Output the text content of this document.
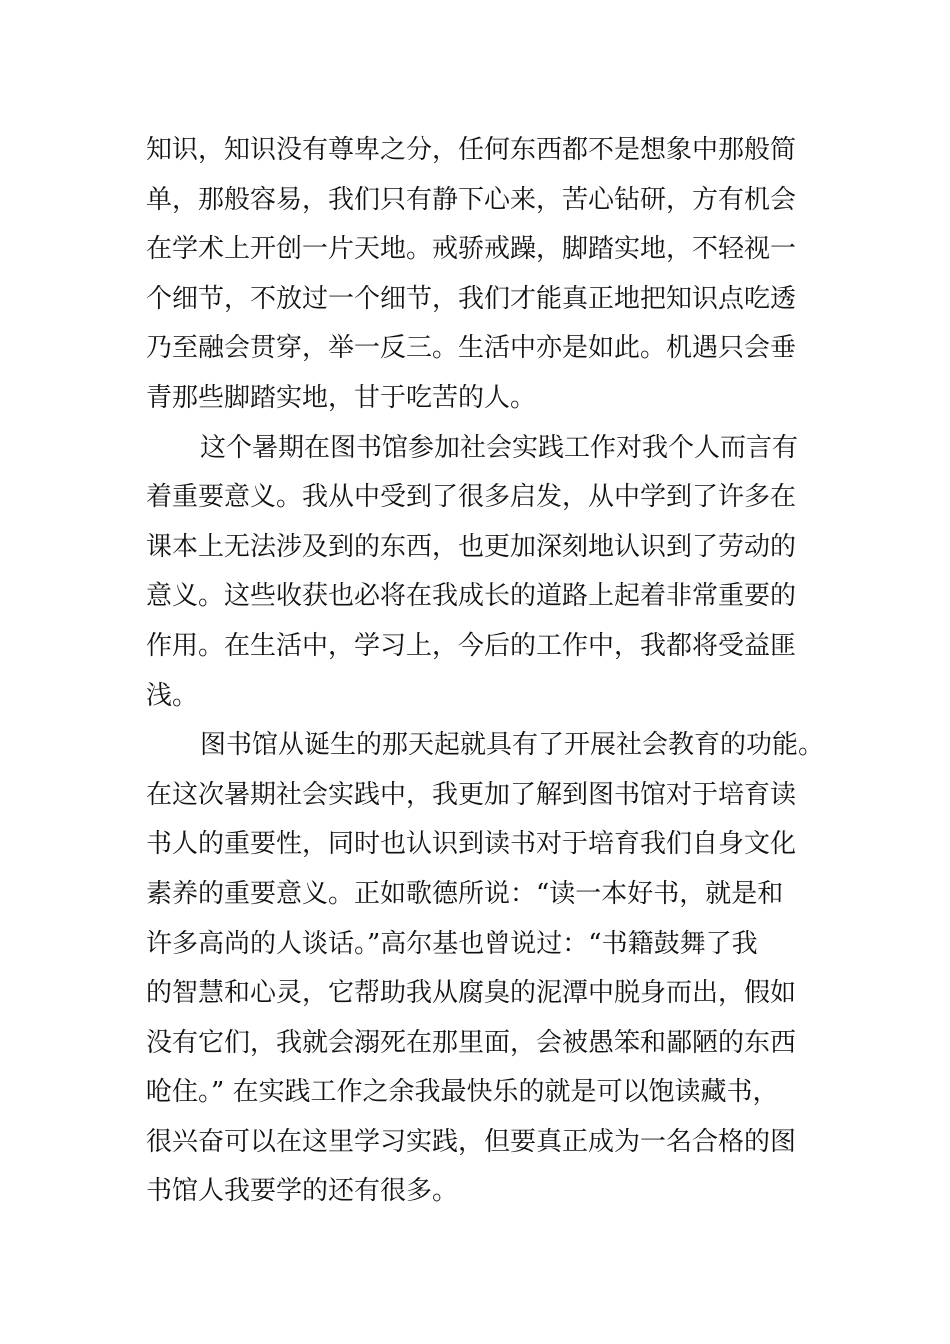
知识，知识没有尊卑之分，任何东西都不是想象中那般简
单，那般容易，我们只有静下心来，苦心钻研，方有机会
在学术上开创一片天地。戒骄戒躁，脚踏实地，不轻视一
个细节，不放过一个细节，我们才能真正地把知识点吃透
乃至融会贯穿，举一反三。生活中亦是如此。机遇只会垂
青那些脚踏实地，甘于吃苦的人。
这个暑期在图书馆参加社会实践工作对我个人而言有
着重要意义。我从中受到了很多启发，从中学到了许多在
课本上无法涉及到的东西，也更加深刻地认识到了劳动的
意义。这些收获也必将在我成长的道路上起着非常重要的
作用。在生活中，学习上，今后的工作中，我都将受益匪
浅。
图书馆从诞生的那天起就具有了开展社会教育的功能。
在这次暑期社会实践中，我更加了解到图书馆对于培育读
书人的重要性，同时也认识到读书对于培育我们自身文化
素养的重要意义。正如歌德所说：“读一本好书，就是和
许多高尚的人谈话。”高尔基也曾说过：“书籍鼓舞了我
的智慧和心灵，它帮助我从腐臭的泥潭中脱身而出，假如
没有它们，我就会溺死在那里面，会被愚笨和鄙陋的东西
呛住。” 在实践工作之余我最快乐的就是可以饱读藏书，
很兴奋可以在这里学习实践，但要真正成为一名合格的图
书馆人我要学的还有很多。
